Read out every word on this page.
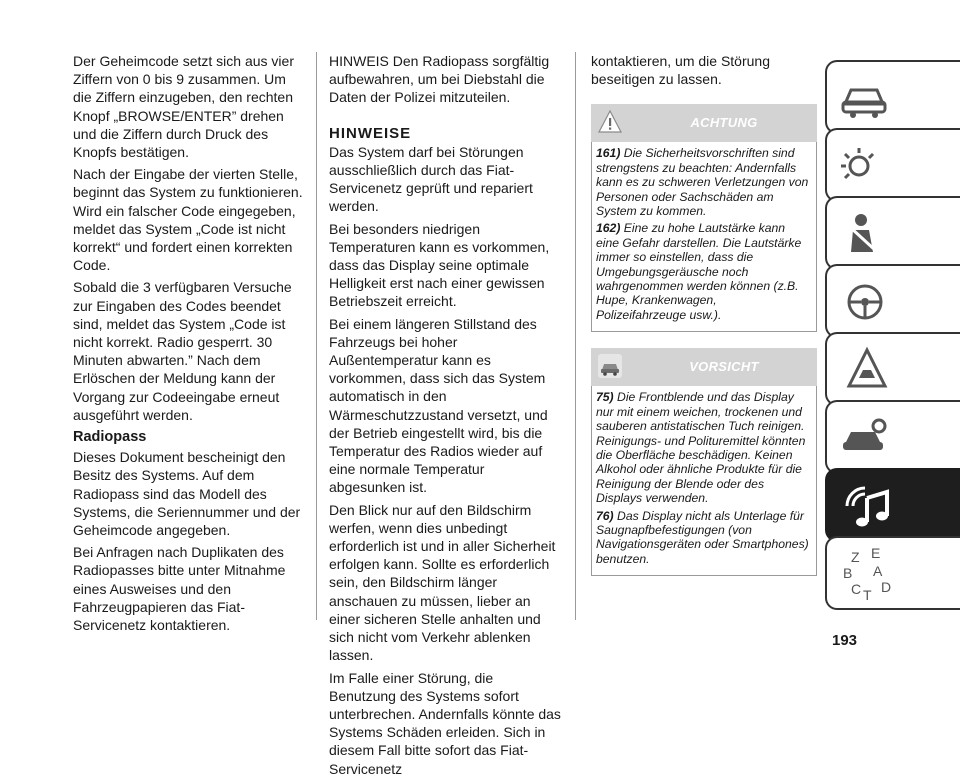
Der Geheimcode setzt sich aus vier Ziffern von 0 bis 9 zusammen. Um die Ziffern einzugeben, den rechten Knopf „BROWSE/ENTER” drehen und die Ziffern durch Druck des Knopfs bestätigen.

Nach der Eingabe der vierten Stelle, beginnt das System zu funktionieren. Wird ein falscher Code eingegeben, meldet das System „Code ist nicht korrekt“ und fordert einen korrekten Code.

Sobald die 3 verfügbaren Versuche zur Eingaben des Codes beendet sind, meldet das System „Code ist nicht korrekt. Radio gesperrt. 30 Minuten abwarten.” Nach dem Erlöschen der Meldung kann der Vorgang zur Codeeingabe erneut ausgeführt werden.

Radiopass

Dieses Dokument bescheinigt den Besitz des Systems. Auf dem Radiopass sind das Modell des Systems, die Seriennummer und der Geheimcode angegeben.

Bei Anfragen nach Duplikaten des Radiopasses bitte unter Mitnahme eines Ausweises und den Fahrzeugpapieren das Fiat-Servicenetz kontaktieren.

HINWEIS Den Radiopass sorgfältig aufbewahren, um bei Diebstahl die Daten der Polizei mitzuteilen.

HINWEISE

Das System darf bei Störungen ausschließlich durch das Fiat-Servicenetz geprüft und repariert werden.

Bei besonders niedrigen Temperaturen kann es vorkommen, dass das Display seine optimale Helligkeit erst nach einer gewissen Betriebszeit erreicht.

Bei einem längeren Stillstand des Fahrzeugs bei hoher Außentemperatur kann es vorkommen, dass sich das System automatisch in den Wärmeschutzzustand versetzt, und der Betrieb eingestellt wird, bis die Temperatur des Radios wieder auf eine normale Temperatur abgesunken ist.

Den Blick nur auf den Bildschirm werfen, wenn dies unbedingt erforderlich ist und in aller Sicherheit erfolgen kann. Sollte es erforderlich sein, den Bildschirm länger anschauen zu müssen, lieber an einer sicheren Stelle anhalten und sich nicht vom Verkehr ablenken lassen.

Im Falle einer Störung, die Benutzung des Systems sofort unterbrechen. Andernfalls könnte das Systems Schäden erleiden. Sich in diesem Fall bitte sofort das Fiat-Servicenetz

kontaktieren, um die Störung beseitigen zu lassen.

ACHTUNG

161) Die Sicherheitsvorschriften sind strengstens zu beachten: Andernfalls kann es zu schweren Verletzungen von Personen oder Sachschäden am System zu kommen.

162) Eine zu hohe Lautstärke kann eine Gefahr darstellen. Die Lautstärke immer so einstellen, dass die Umgebungsgeräusche noch wahrgenommen werden können (z.B. Hupe, Krankenwagen, Polizeifahrzeuge usw.).

VORSICHT

75) Die Frontblende und das Display nur mit einem weichen, trockenen und sauberen antistatischen Tuch reinigen. Reinigungs- und Polituremittel könnten die Oberfläche beschädigen. Keinen Alkohol oder ähnliche Produkte für die Reinigung der Blende oder des Displays verwenden.

76) Das Display nicht als Unterlage für Saugnapfbefestigungen (von Navigationsgeräten oder Smartphones) benutzen.	Z E
B A
C T D
193
